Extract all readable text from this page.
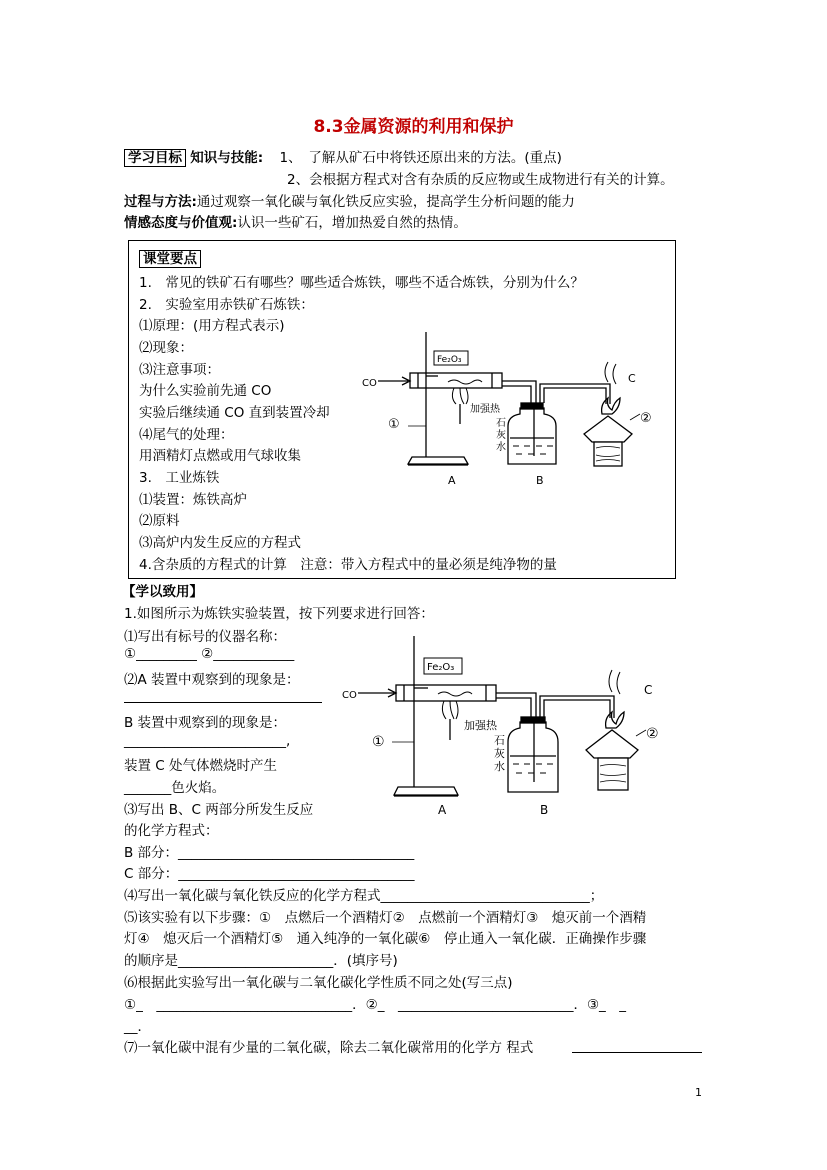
8.3金属资源的利用和保护
学习目标 知识与技能: 1、　了解从矿石中将铁还原出来的方法。(重点)
2、会根据方程式对含有杂质的反应物或生成物进行有关的计算。
过程与方法:通过观察一氧化碳与氧化铁反应实验，提高学生分析问题的能力
情感态度与价值观:认识一些矿石，增加热爱自然的热情。
课堂要点
1.　常见的铁矿石有哪些？哪些适合炼铁，哪些不适合炼铁，分别为什么？
2.　实验室用赤铁矿石炼铁：
⑴原理：(用方程式表示)
⑵现象：
⑶注意事项：
为什么实验前先通 CO
实验后继续通 CO 直到装置冷却
⑷尾气的处理：
用酒精灯点燃或用气球收集
3.　工业炼铁
⑴装置：炼铁高炉
⑵原料
⑶高炉内发生反应的方程式
4.含杂质的方程式的计算　注意：带入方程式中的量必须是纯净物的量
CO
Fe₂O₃
加强热
石
灰
水
①	②
A	B
C
【学以致用】
1.如图所示为炼铁实验装置，按下列要求进行回答：
⑴写出有标号的仪器名称：
①_________ ②____________
⑵A 装置中观察到的现象是：
B 装置中观察到的现象是：
________________________,
装置 C 处气体燃烧时产生
_______色火焰。
⑶写出 B、C 两部分所发生反应
的化学方程式：
B 部分：___________________________________
C 部分：___________________________________
CO
Fe₂O₃
加强热
石
灰
水
①	②
A	B
C
⑷写出一氧化碳与氧化铁反应的化学方程式_______________________________；
⑸该实验有以下步骤：①　点燃后一个酒精灯②　点燃前一个酒精灯③　熄灭前一个酒精
灯④　熄灭后一个酒精灯⑤　通入纯净的一氧化碳⑥　停止通入一氧化碳．正确操作步骤
的顺序是_______________________．(填序号)
⑹根据此实验写出一氧化碳与二氧化碳化学性质不同之处(写三点)
①_　_____________________________．②_　__________________________．③_　_
__．
⑺一氧化碳中混有少量的二氧化碳，除去二氧化碳常用的化学方 程式
1
